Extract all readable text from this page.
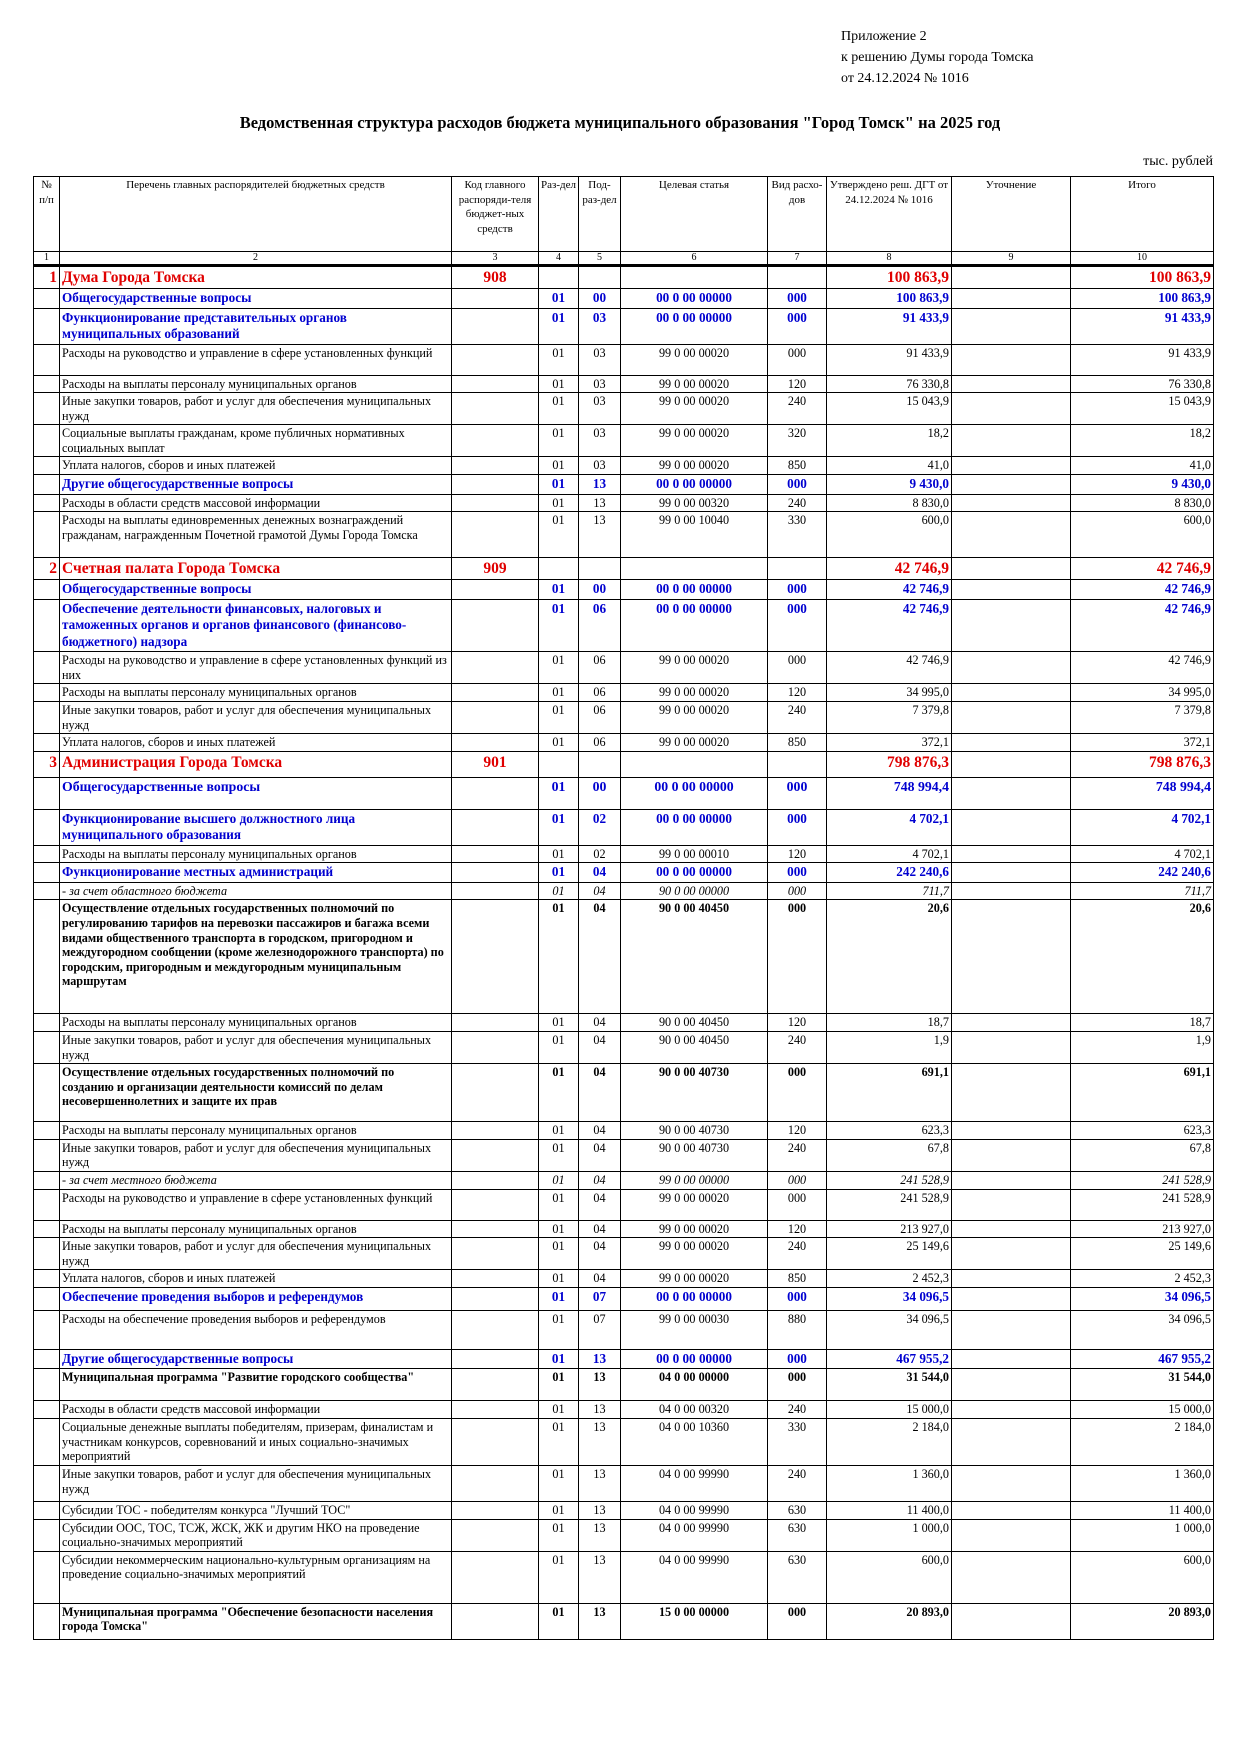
Приложение 2
к решению Думы города Томска
от 24.12.2024 № 1016
Ведомственная структура расходов бюджета муниципального образования "Город Томск" на 2025 год
тыс. рублей
№ п/п	Перечень главных распорядителей бюджетных средств	Код главного распоряди-теля бюджет-ных средств	Раз-дел	Под-раз-дел	Целевая статья	Вид расхо-дов	Утверждено реш. ДГТ от 24.12.2024 № 1016	Уточнение	Итого
1	2	3	4	5	6	7	8	9	10
1	Дума Города Томска	908					100 863,9		100 863,9
	Общегосударственные вопросы		01	00	00 0 00 00000	000	100 863,9		100 863,9
	Функционирование представительных органов муниципальных образований		01	03	00 0 00 00000	000	91 433,9		91 433,9
	Расходы на руководство и управление в сфере установленных функций		01	03	99 0 00 00020	000	91 433,9		91 433,9
	Расходы на выплаты персоналу муниципальных органов		01	03	99 0 00 00020	120	76 330,8		76 330,8
	Иные закупки товаров, работ и услуг для обеспечения муниципальных нужд		01	03	99 0 00 00020	240	15 043,9		15 043,9
	Социальные выплаты гражданам, кроме публичных нормативных социальных выплат		01	03	99 0 00 00020	320	18,2		18,2
	Уплата налогов, сборов и иных платежей		01	03	99 0 00 00020	850	41,0		41,0
	Другие общегосударственные вопросы		01	13	00 0 00 00000	000	9 430,0		9 430,0
	Расходы в области средств массовой информации		01	13	99 0 00 00320	240	8 830,0		8 830,0
	Расходы на выплаты единовременных денежных вознаграждений гражданам, награжденным Почетной грамотой Думы Города Томска		01	13	99 0 00 10040	330	600,0		600,0
2	Счетная палата Города Томска	909					42 746,9		42 746,9
	Общегосударственные вопросы		01	00	00 0 00 00000	000	42 746,9		42 746,9
	Обеспечение деятельности финансовых, налоговых и таможенных органов и органов финансового (финансово-бюджетного) надзора		01	06	00 0 00 00000	000	42 746,9		42 746,9
	Расходы на руководство и управление в сфере установленных функций из них		01	06	99 0 00 00020	000	42 746,9		42 746,9
	Расходы на выплаты персоналу муниципальных органов		01	06	99 0 00 00020	120	34 995,0		34 995,0
	Иные закупки товаров, работ и услуг для обеспечения муниципальных нужд		01	06	99 0 00 00020	240	7 379,8		7 379,8
	Уплата налогов, сборов и иных платежей		01	06	99 0 00 00020	850	372,1		372,1
3	Администрация Города Томска	901					798 876,3		798 876,3
	Общегосударственные вопросы		01	00	00 0 00 00000	000	748 994,4		748 994,4
	Функционирование высшего должностного лица муниципального образования		01	02	00 0 00 00000	000	4 702,1		4 702,1
	Расходы на выплаты персоналу муниципальных органов		01	02	99 0 00 00010	120	4 702,1		4 702,1
	Функционирование местных администраций		01	04	00 0 00 00000	000	242 240,6		242 240,6
	- за счет областного бюджета		01	04	90 0 00 00000	000	711,7		711,7
	Осуществление отдельных государственных полномочий по регулированию тарифов на перевозки пассажиров и багажа всеми видами общественного транспорта в городском, пригородном и междугородном сообщении (кроме железнодорожного транспорта) по городским, пригородным и междугородным муниципальным маршрутам		01	04	90 0 00 40450	000	20,6		20,6
	Расходы на выплаты персоналу муниципальных органов		01	04	90 0 00 40450	120	18,7		18,7
	Иные закупки товаров, работ и услуг для обеспечения муниципальных нужд		01	04	90 0 00 40450	240	1,9		1,9
	Осуществление отдельных государственных полномочий по созданию и организации деятельности комиссий по делам несовершеннолетних и защите их прав		01	04	90 0 00 40730	000	691,1		691,1
	Расходы на выплаты персоналу муниципальных органов		01	04	90 0 00 40730	120	623,3		623,3
	Иные закупки товаров, работ и услуг для обеспечения муниципальных нужд		01	04	90 0 00 40730	240	67,8		67,8
	- за счет местного бюджета		01	04	99 0 00 00000	000	241 528,9		241 528,9
	Расходы на руководство и управление в сфере установленных функций		01	04	99 0 00 00020	000	241 528,9		241 528,9
	Расходы на выплаты персоналу муниципальных органов		01	04	99 0 00 00020	120	213 927,0		213 927,0
	Иные закупки товаров, работ и услуг для обеспечения муниципальных нужд		01	04	99 0 00 00020	240	25 149,6		25 149,6
	Уплата налогов, сборов и иных платежей		01	04	99 0 00 00020	850	2 452,3		2 452,3
	Обеспечение проведения выборов и референдумов		01	07	00 0 00 00000	000	34 096,5		34 096,5
	Расходы на обеспечение проведения выборов и референдумов		01	07	99 0 00 00030	880	34 096,5		34 096,5
	Другие общегосударственные вопросы		01	13	00 0 00 00000	000	467 955,2		467 955,2
	Муниципальная программа "Развитие городского сообщества"		01	13	04 0 00 00000	000	31 544,0		31 544,0
	Расходы в области средств массовой информации		01	13	04 0 00 00320	240	15 000,0		15 000,0
	Социальные денежные выплаты победителям, призерам, финалистам и участникам конкурсов, соревнований и иных социально-значимых мероприятий		01	13	04 0 00 10360	330	2 184,0		2 184,0
	Иные закупки товаров, работ и услуг для обеспечения муниципальных нужд		01	13	04 0 00 99990	240	1 360,0		1 360,0
	Субсидии ТОС - победителям конкурса "Лучший ТОС"		01	13	04 0 00 99990	630	11 400,0		11 400,0
	Субсидии ООС, ТОС, ТСЖ, ЖСК, ЖК и другим НКО на проведение социально-значимых мероприятий		01	13	04 0 00 99990	630	1 000,0		1 000,0
	Субсидии некоммерческим национально-культурным организациям на проведение социально-значимых мероприятий		01	13	04 0 00 99990	630	600,0		600,0
	Муниципальная программа "Обеспечение безопасности населения города Томска"		01	13	15 0 00 00000	000	20 893,0		20 893,0
